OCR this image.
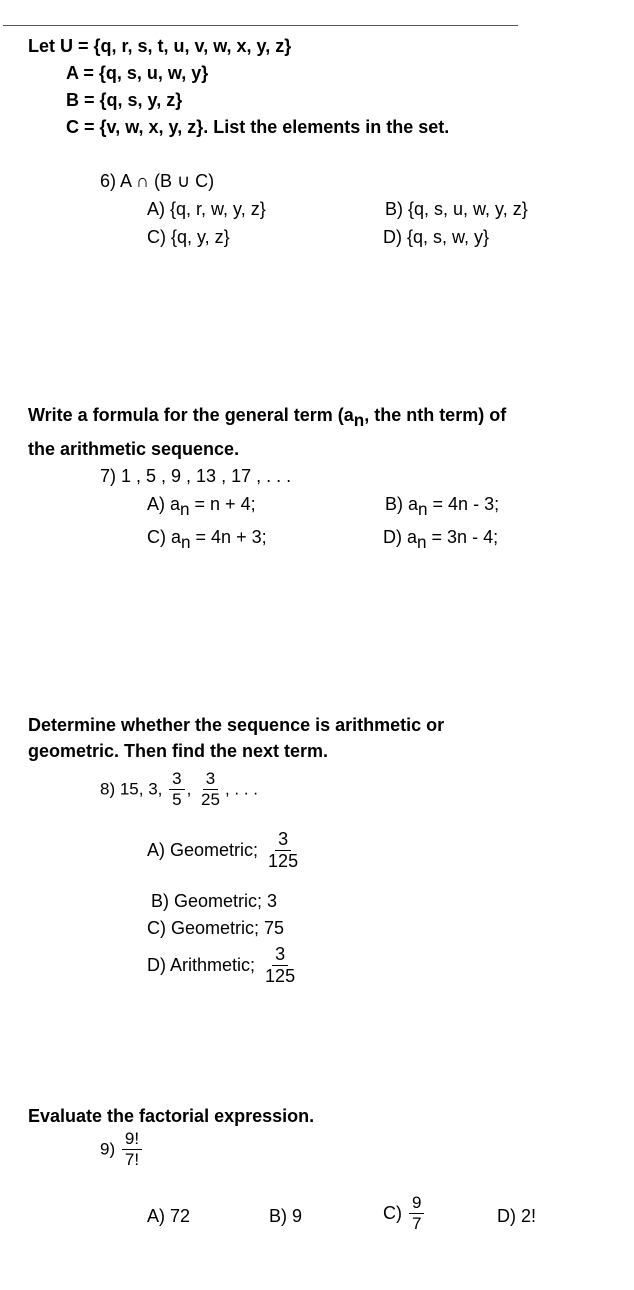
Let U = {q, r, s, t, u, v, w, x, y, z}
A = {q, s, u, w, y}
B = {q, s, y, z}
C = {v, w, x, y, z}. List the elements in the set.
6) A ∩ (B ∪ C)
A) {q, r, w, y, z}	B) {q, s, u, w, y, z}
C) {q, y, z}	D) {q, s, w, y}
Write a formula for the general term (an, the nth term) of
the arithmetic sequence.
7) 1 , 5 , 9 , 13 , 17 , . . .
A) an = n + 4;	B) an = 4n - 3;
C) an = 4n + 3;	D) an = 3n - 4;
Determine whether the sequence is arithmetic or
geometric. Then find the next term.
8) 15, 3, $\frac{3}{5}$ , $\frac{3}{25}$ , . . .
A) Geometric; $\frac{3}{125}$
B) Geometric; 3
C) Geometric; 75
D) Arithmetic; $\frac{3}{125}$
Evaluate the factorial expression.
$9) \frac{9!}{7!}$
A) 72	B) 9	$C) \frac{9}{7}$	D) 2!
